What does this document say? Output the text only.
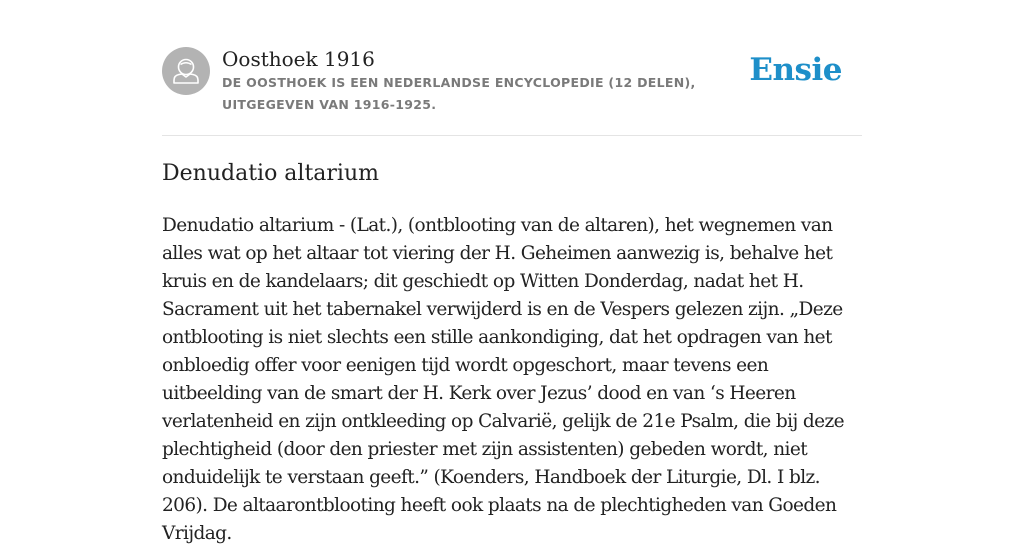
Oosthoek 1916
DE OOSTHOEK IS EEN NEDERLANDSE ENCYCLOPEDIE (12 DELEN), UITGEGEVEN VAN 1916-1925.
Ensie
Denudatio altarium

Denudatio altarium - (Lat.), (ontblooting van de altaren), het wegnemen van alles wat op het altaar tot viering der H. Geheimen aanwezig is, behalve het kruis en de kandelaars; dit geschiedt op Witten Donderdag, nadat het H. Sacrament uit het tabernakel verwijderd is en de Vespers gelezen zijn. „Deze ontblooting is niet slechts een stille aankondiging, dat het opdragen van het onbloedig offer voor eenigen tijd wordt opgeschort, maar tevens een uitbeelding van de smart der H. Kerk over Jezus’ dood en van ‘s Heeren verlatenheid en zijn ontkleeding op Calvarië, gelijk de 21e Psalm, die bij deze plechtigheid (door den priester met zijn assistenten) gebeden wordt, niet onduidelijk te verstaan geeft.” (Koenders, Handboek der Liturgie, Dl. I blz. 206). De altaarontblooting heeft ook plaats na de plechtigheden van Goeden Vrijdag.
